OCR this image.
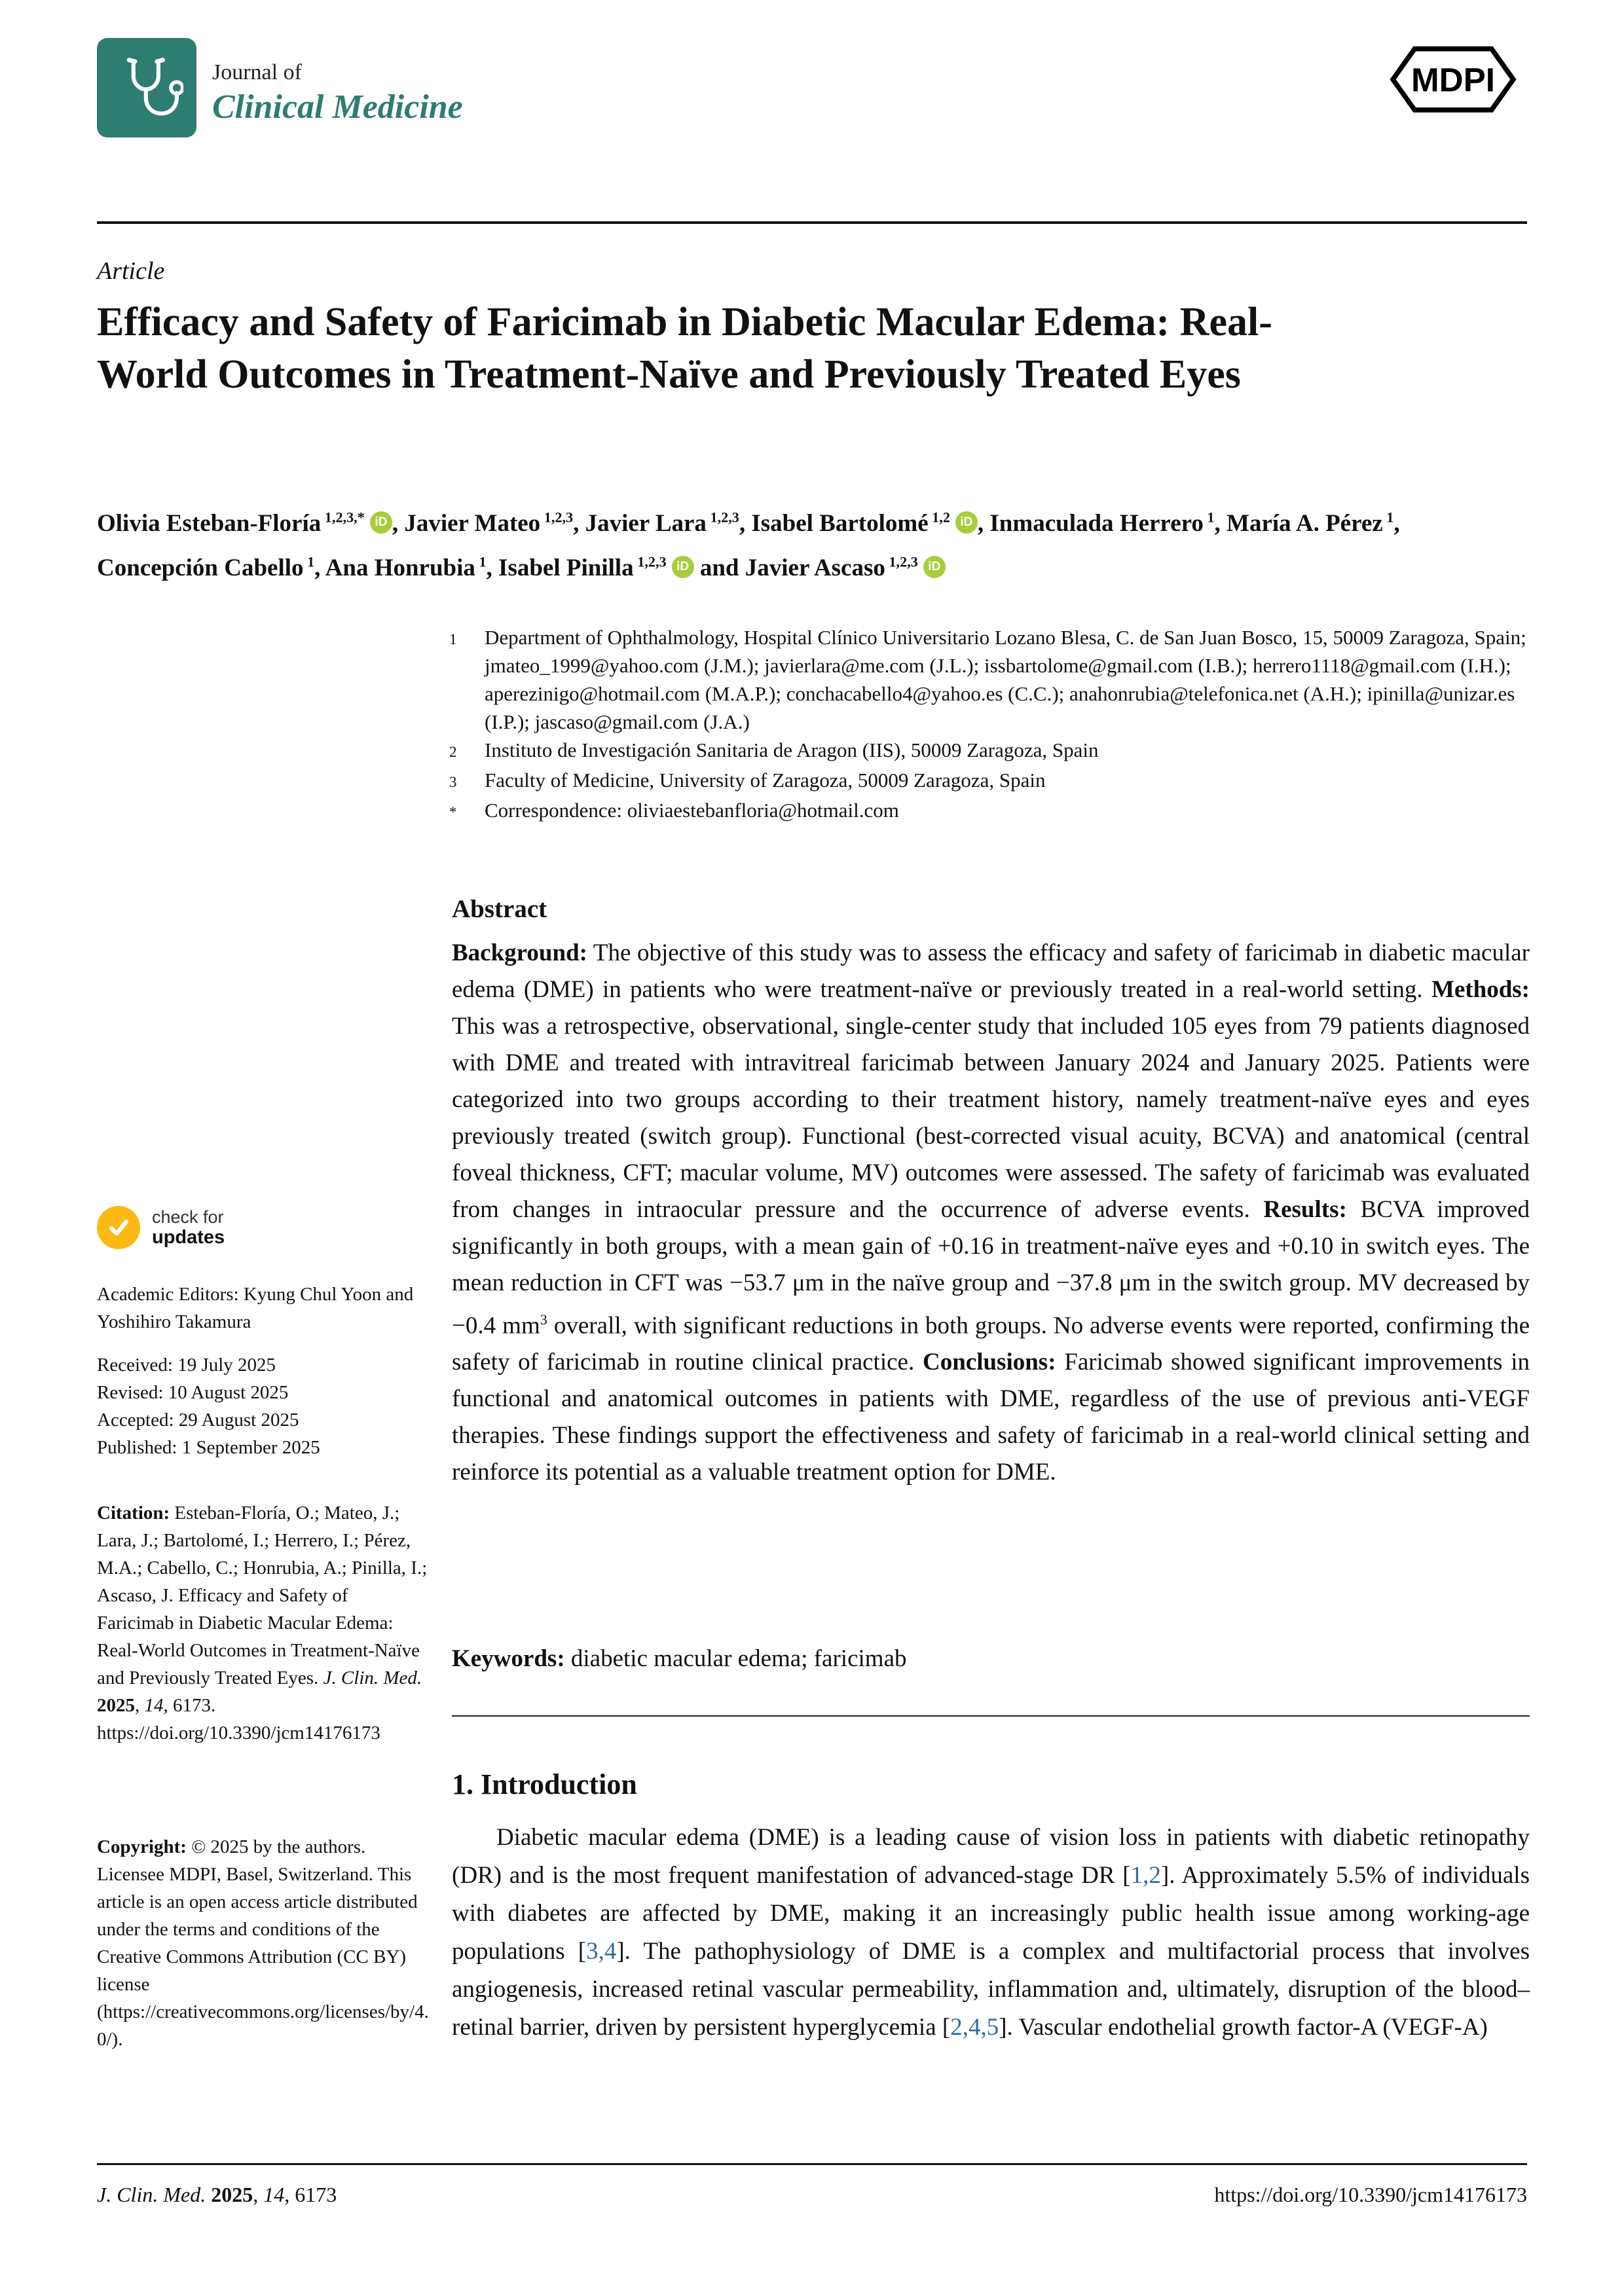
Journal of
Clinical Medicine
MDPI
Article
Efficacy and Safety of Faricimab in Diabetic Macular Edema: Real-World Outcomes in Treatment-Naïve and Previously Treated Eyes

Olivia Esteban-Floría $^{1,2,3,*}$ iD , Javier Mateo $^{1,2,3}$, Javier Lara $^{1,2,3}$, Isabel Bartolomé $^{1,2}$ iD , Inmaculada Herrero $^1$, María A. Pérez $^1$, Concepción Cabello $^1$, Ana Honrubia $^1$, Isabel Pinilla $^{1,2,3}$ iD and Javier Ascaso $^{1,2,3}$ iD

1	Department of Ophthalmology, Hospital Clínico Universitario Lozano Blesa, C. de San Juan Bosco, 15, 50009 Zaragoza, Spain; jmateo_1999@yahoo.com (J.M.); javierlara@me.com (J.L.); issbartolome@gmail.com (I.B.); herrero1118@gmail.com (I.H.); aperezinigo@hotmail.com (M.A.P.); conchacabello4@yahoo.es (C.C.); anahonrubia@telefonica.net (A.H.); ipinilla@unizar.es (I.P.); jascaso@gmail.com (J.A.)
2	Instituto de Investigación Sanitaria de Aragon (IIS), 50009 Zaragoza, Spain
3	Faculty of Medicine, University of Zaragoza, 50009 Zaragoza, Spain
*	Correspondence: oliviaestebanfloria@hotmail.com
Abstract

Background: The objective of this study was to assess the efficacy and safety of faricimab in diabetic macular edema (DME) in patients who were treatment-naïve or previously treated in a real-world setting. Methods: This was a retrospective, observational, single-center study that included 105 eyes from 79 patients diagnosed with DME and treated with intravitreal faricimab between January 2024 and January 2025. Patients were categorized into two groups according to their treatment history, namely treatment-naïve eyes and eyes previously treated (switch group). Functional (best-corrected visual acuity, BCVA) and anatomical (central foveal thickness, CFT; macular volume, MV) outcomes were assessed. The safety of faricimab was evaluated from changes in intraocular pressure and the occurrence of adverse events. Results: BCVA improved significantly in both groups, with a mean gain of +0.16 in treatment-naïve eyes and +0.10 in switch eyes. The mean reduction in CFT was −53.7 μm in the naïve group and −37.8 μm in the switch group. MV decreased by −0.4 $mm^3$ overall, with significant reductions in both groups. No adverse events were reported, confirming the safety of faricimab in routine clinical practice. Conclusions: Faricimab showed significant improvements in functional and anatomical outcomes in patients with DME, regardless of the use of previous anti-VEGF therapies. These findings support the effectiveness and safety of faricimab in a real-world clinical setting and reinforce its potential as a valuable treatment option for DME.

Keywords: diabetic macular edema; faricimab

1. Introduction

Diabetic macular edema (DME) is a leading cause of vision loss in patients with diabetic retinopathy (DR) and is the most frequent manifestation of advanced-stage DR [1,2]. Approximately 5.5% of individuals with diabetes are affected by DME, making it an increasingly public health issue among working-age populations [3,4]. The pathophysiology of DME is a complex and multifactorial process that involves angiogenesis, increased retinal vascular permeability, inflammation and, ultimately, disruption of the blood–retinal barrier, driven by persistent hyperglycemia [2,4,5]. Vascular endothelial growth factor-A (VEGF-A)

check for
updates
Academic Editors: Kyung Chul Yoon and Yoshihiro Takamura
Received: 19 July 2025
Revised: 10 August 2025
Accepted: 29 August 2025
Published: 1 September 2025

Citation: Esteban-Floría, O.; Mateo, J.; Lara, J.; Bartolomé, I.; Herrero, I.; Pérez, M.A.; Cabello, C.; Honrubia, A.; Pinilla, I.; Ascaso, J. Efficacy and Safety of Faricimab in Diabetic Macular Edema: Real-World Outcomes in Treatment-Naïve and Previously Treated Eyes. J. Clin. Med. 2025, 14, 6173. https://doi.org/10.3390/jcm14176173

Copyright: © 2025 by the authors. Licensee MDPI, Basel, Switzerland. This article is an open access article distributed under the terms and conditions of the Creative Commons Attribution (CC BY) license (https://creativecommons.org/licenses/by/4.0/).

J. Clin. Med. 2025, 14, 6173	https://doi.org/10.3390/jcm14176173
